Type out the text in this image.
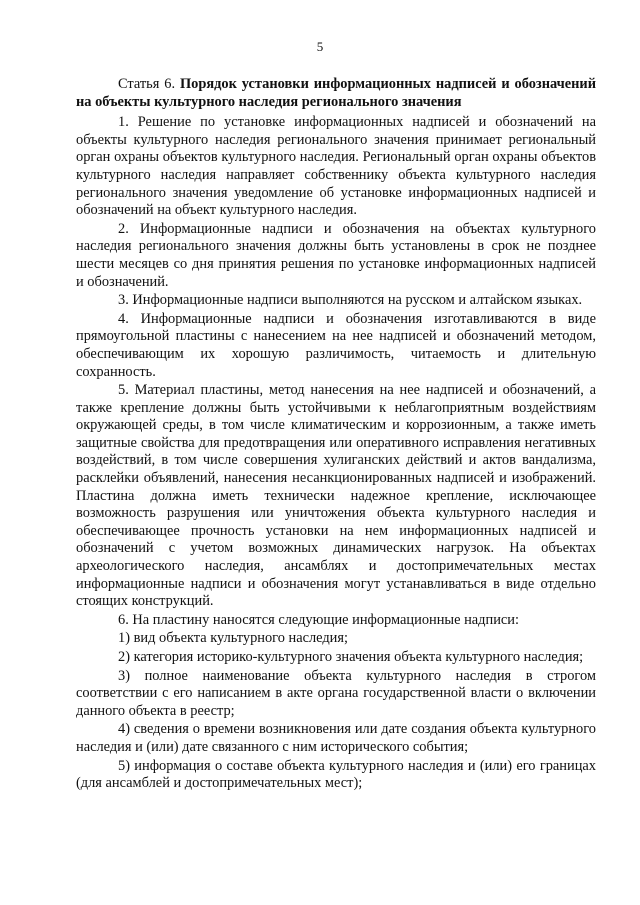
5

Статья 6. Порядок установки информационных надписей и обозначений на объекты культурного наследия регионального значения

1. Решение по установке информационных надписей и обозначений на объекты культурного наследия регионального значения принимает региональный орган охраны объектов культурного наследия. Региональный орган охраны объектов культурного наследия направляет собственнику объекта культурного наследия регионального значения уведомление об установке информационных надписей и обозначений на объект культурного наследия.

2. Информационные надписи и обозначения на объектах культурного наследия регионального значения должны быть установлены в срок не позднее шести месяцев со дня принятия решения по установке информационных надписей и обозначений.

3. Информационные надписи выполняются на русском и алтайском языках.

4. Информационные надписи и обозначения изготавливаются в виде прямоугольной пластины с нанесением на нее надписей и обозначений методом, обеспечивающим их хорошую различимость, читаемость и длительную сохранность.

5. Материал пластины, метод нанесения на нее надписей и обозначений, а также крепление должны быть устойчивыми к неблагоприятным воздействиям окружающей среды, в том числе климатическим и коррозионным, а также иметь защитные свойства для предотвращения или оперативного исправления негативных воздействий, в том числе совершения хулиганских действий и актов вандализма, расклейки объявлений, нанесения несанкционированных надписей и изображений. Пластина должна иметь технически надежное крепление, исключающее возможность разрушения или уничтожения объекта культурного наследия и обеспечивающее прочность установки на нем информационных надписей и обозначений с учетом возможных динамических нагрузок. На объектах археологического наследия, ансамблях и достопримечательных местах информационные надписи и обозначения могут устанавливаться в виде отдельно стоящих конструкций.

6. На пластину наносятся следующие информационные надписи:

1) вид объекта культурного наследия;

2) категория историко-культурного значения объекта культурного наследия;

3) полное наименование объекта культурного наследия в строгом соответствии с его написанием в акте органа государственной власти о включении данного объекта в реестр;

4) сведения о времени возникновения или дате создания объекта культурного наследия и (или) дате связанного с ним исторического события;

5) информация о составе объекта культурного наследия и (или) его границах (для ансамблей и достопримечательных мест);
